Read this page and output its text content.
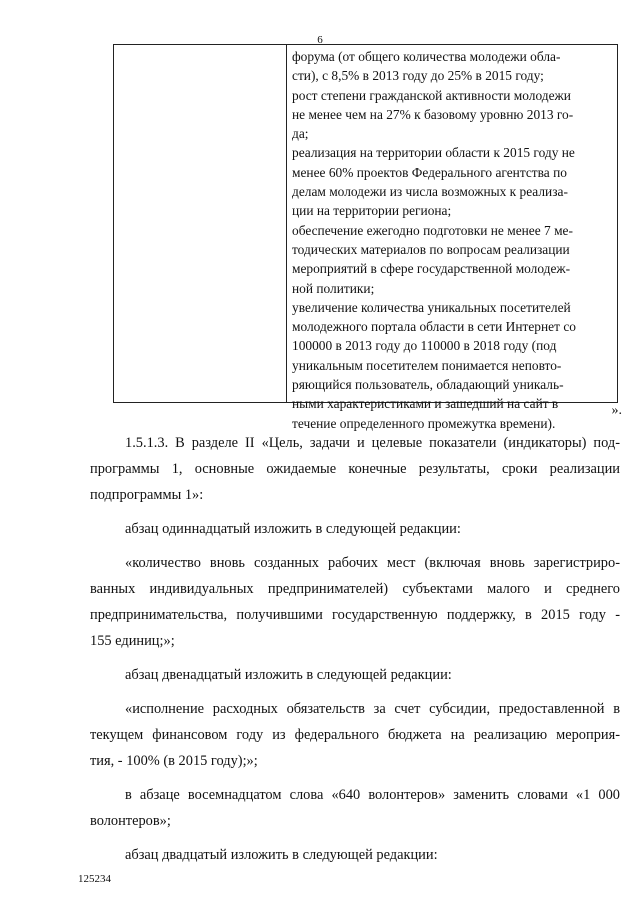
6
форума (от общего количества молодежи обла-
сти), с 8,5% в 2013 году до 25% в 2015 году;
рост степени гражданской активности молодежи
не менее чем на 27% к базовому уровню 2013 го-
да;
реализация на территории области к 2015 году не
менее 60% проектов Федерального агентства по
делам молодежи из числа возможных к реализа-
ции на территории региона;
обеспечение ежегодно подготовки не менее 7 ме-
тодических материалов по вопросам реализации
мероприятий в сфере государственной молодеж-
ной политики;
увеличение количества уникальных посетителей
молодежного портала области в сети Интернет со
100000 в 2013 году до 110000 в 2018 году (под
уникальным посетителем понимается неповто-
ряющийся пользователь, обладающий уникаль-
ными характеристиками и зашедший на сайт в
течение определенного промежутка времени).
».

1.5.1.3. В разделе II «Цель, задачи и целевые показатели (индикаторы) под-
программы 1, основные ожидаемые конечные результаты, сроки реализации
подпрограммы 1»:

абзац одиннадцатый изложить в следующей редакции:

«количество вновь созданных рабочих мест (включая вновь зарегистриро-
ванных индивидуальных предпринимателей) субъектами малого и среднего
предпринимательства, получившими государственную поддержку, в 2015 году -
155 единиц;»;

абзац двенадцатый изложить в следующей редакции:

«исполнение расходных обязательств за счет субсидии, предоставленной в
текущем финансовом году из федерального бюджета на реализацию мероприя-
тия, - 100% (в 2015 году);»;

в абзаце восемнадцатом слова «640 волонтеров» заменить словами «1 000
волонтеров»;

абзац двадцатый изложить в следующей редакции:

125234
